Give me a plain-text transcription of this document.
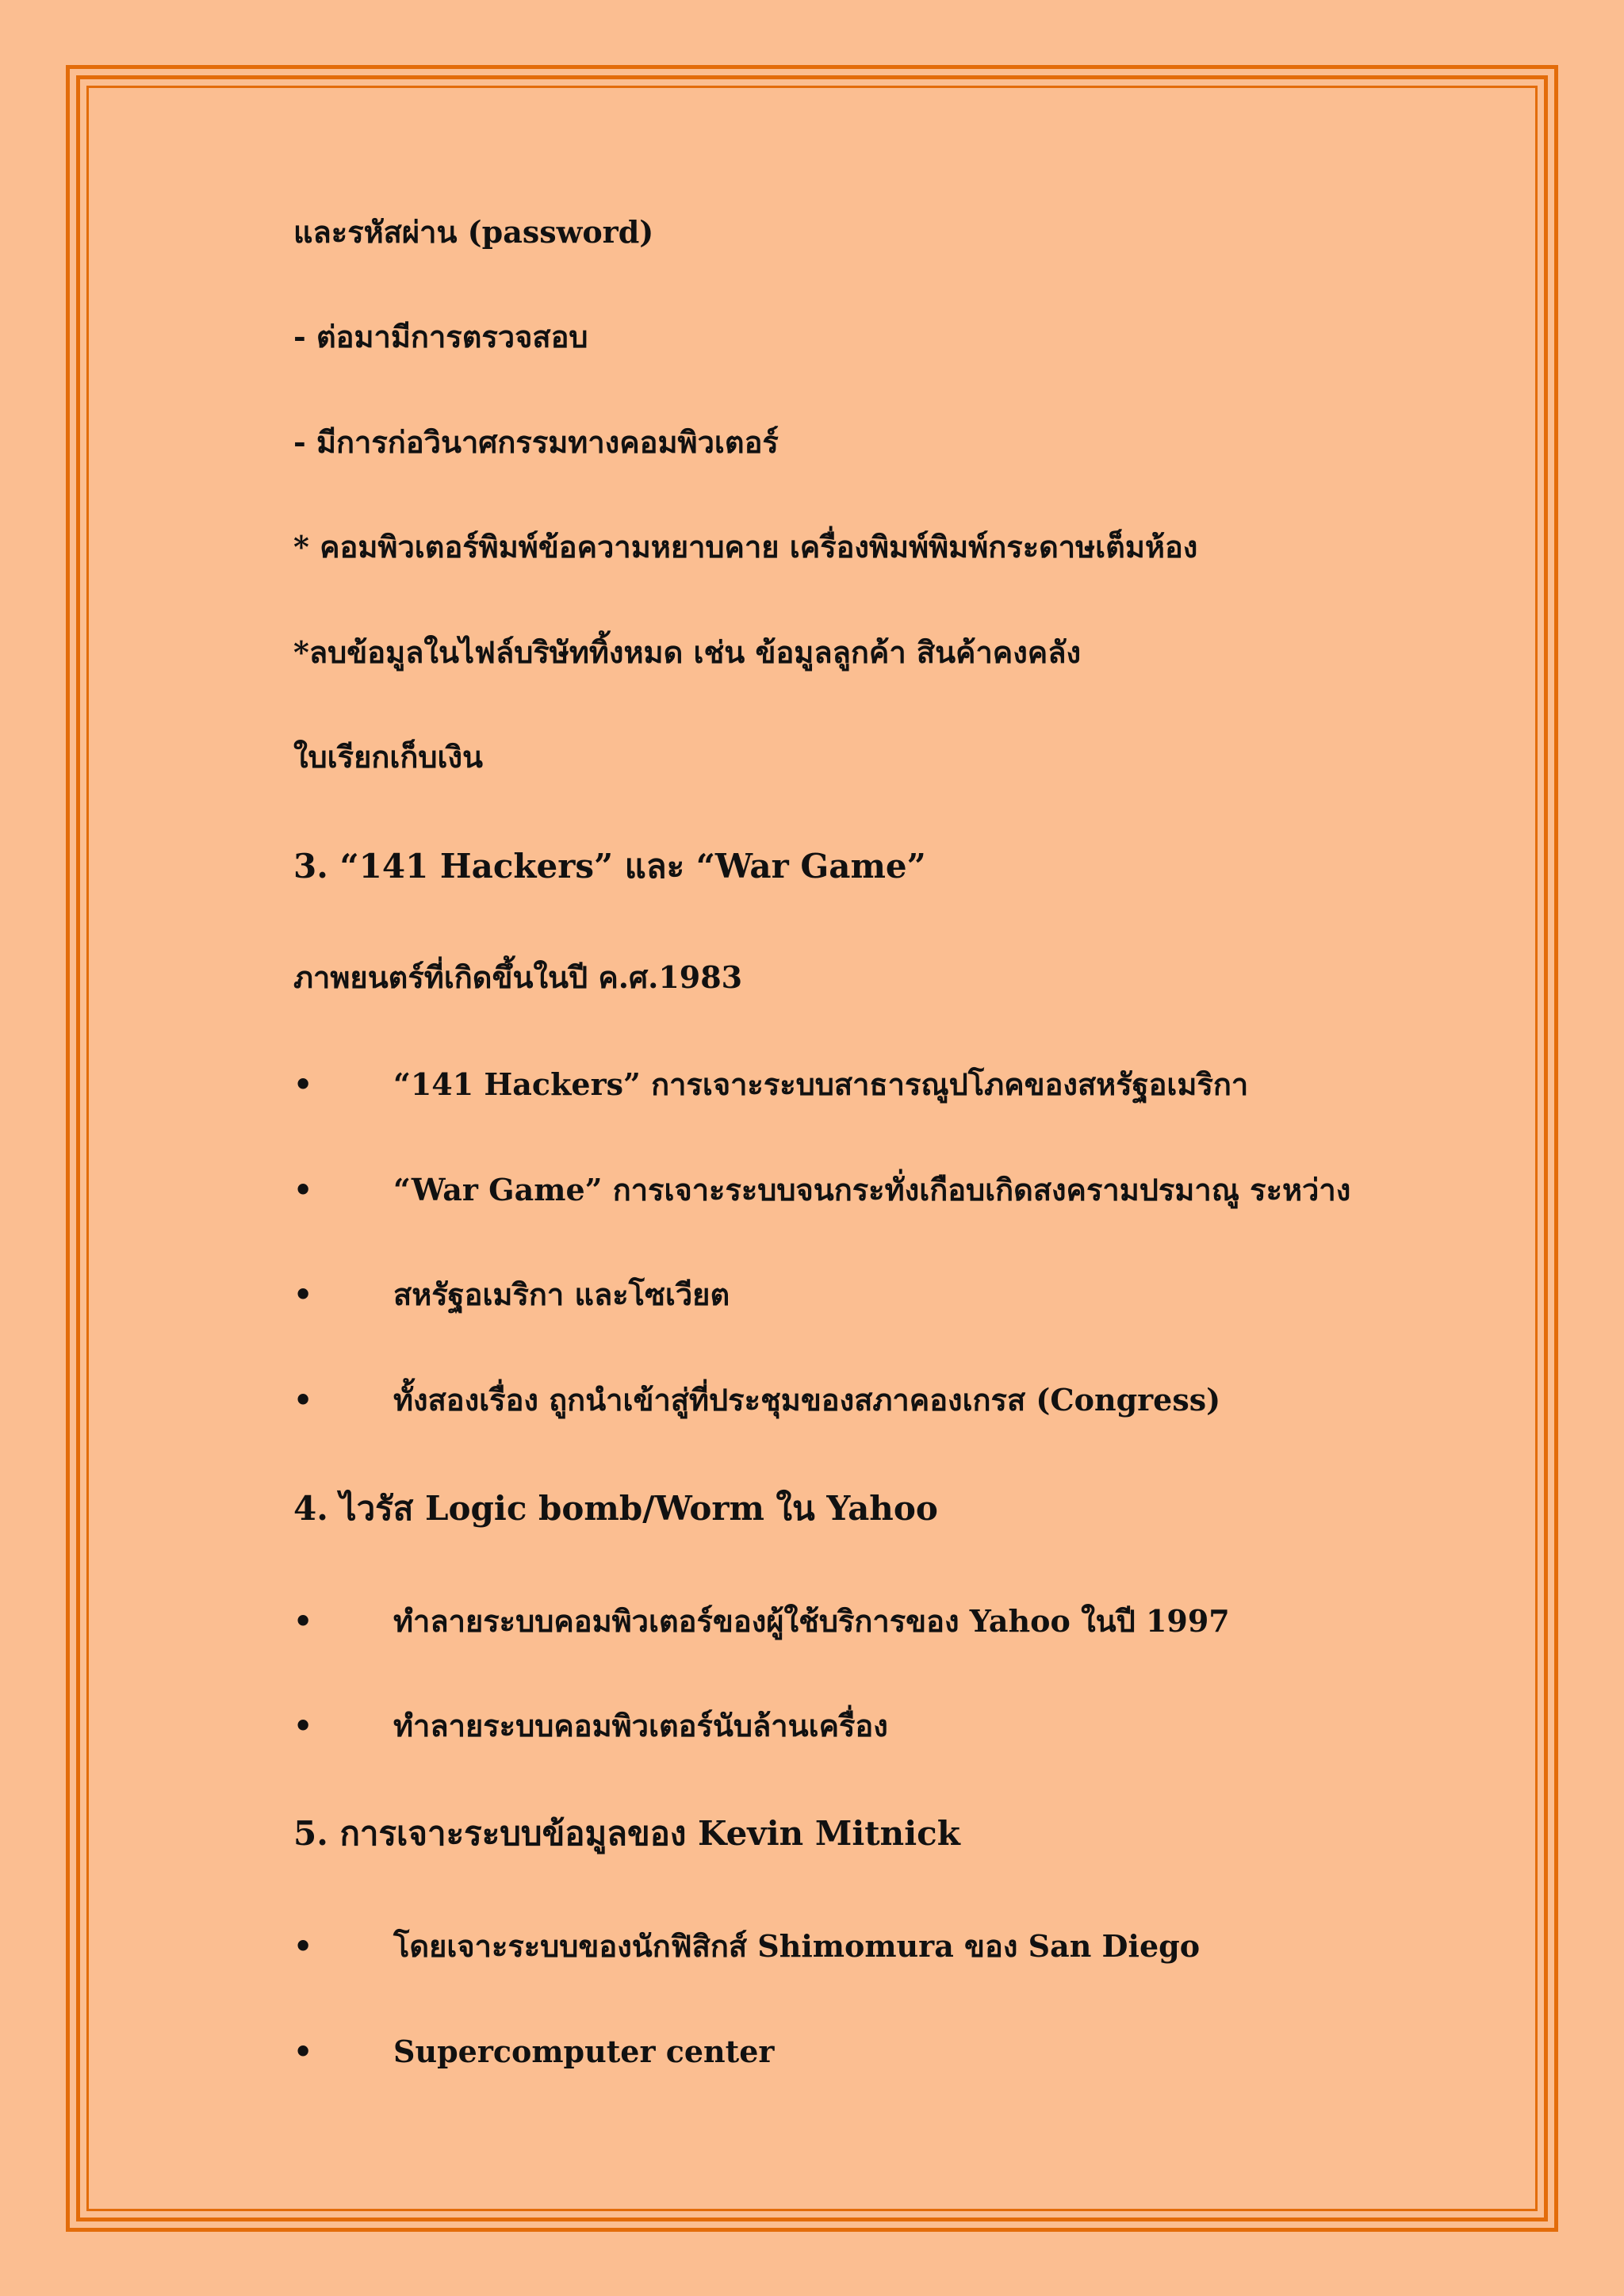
และรหัสผ่าน (password)
- ต่อมามีการตรวจสอบ
- มีการก่อวินาศกรรมทางคอมพิวเตอร์
* คอมพิวเตอร์พิมพ์ข้อความหยาบคาย เครื่องพิมพ์พิมพ์กระดาษเต็มห้อง
*ลบข้อมูลในไฟล์บริษัททิ้งหมด เช่น ข้อมูลลูกค้า สินค้าคงคลัง
ใบเรียกเก็บเงิน
3. “141 Hackers” และ “War Game”
ภาพยนตร์ที่เกิดขึ้นในปี ค.ศ.1983
•	“141 Hackers” การเจาะระบบสาธารณูปโภคของสหรัฐอเมริกา
•	“War Game” การเจาะระบบจนกระทั่งเกือบเกิดสงครามปรมาณู ระหว่าง
•	สหรัฐอเมริกา และโซเวียต
•	ทั้งสองเรื่อง ถูกนำเข้าสู่ที่ประชุมของสภาคองเกรส (Congress)
4. ไวรัส Logic bomb/Worm ใน Yahoo
•	ทำลายระบบคอมพิวเตอร์ของผู้ใช้บริการของ Yahoo ในปี 1997
•	ทำลายระบบคอมพิวเตอร์นับล้านเครื่อง
5. การเจาะระบบข้อมูลของ Kevin Mitnick
•	โดยเจาะระบบของนักฟิสิกส์ Shimomura ของ San Diego
•	Supercomputer center
